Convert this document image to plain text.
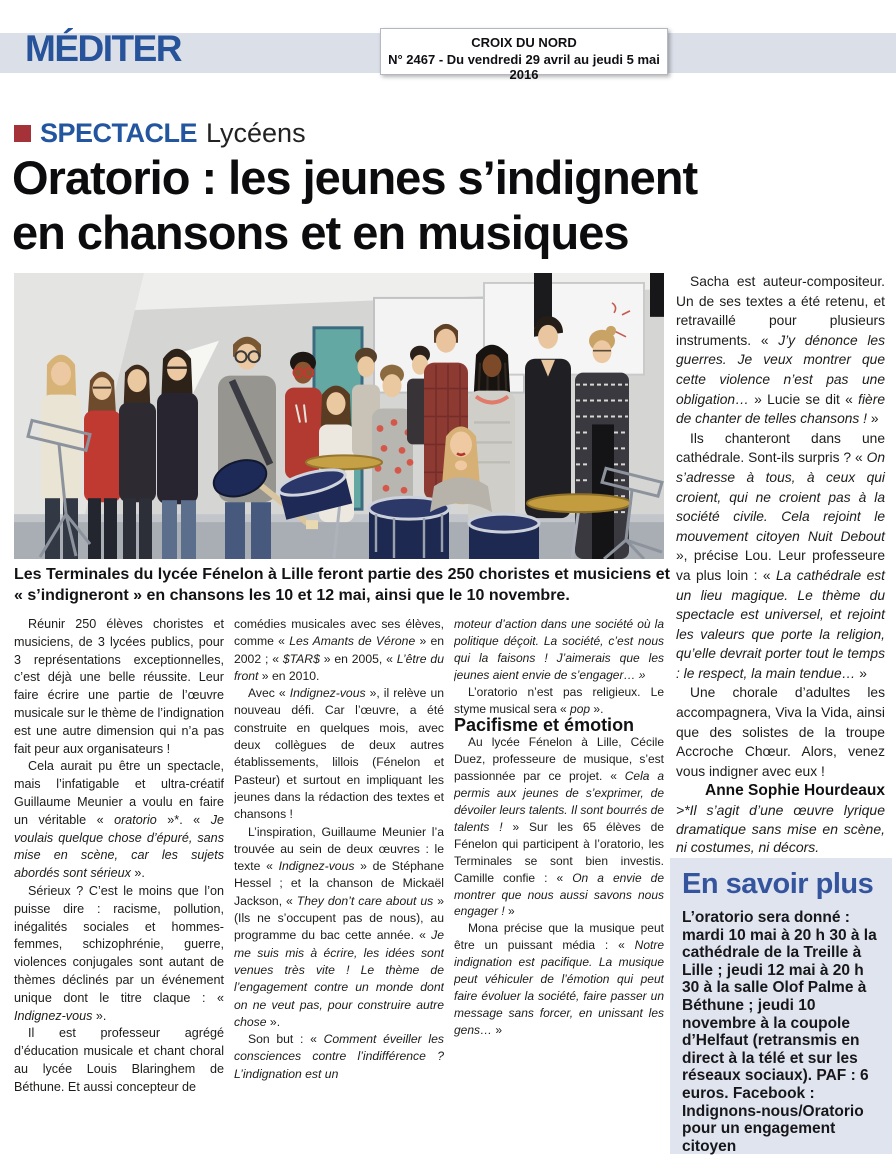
MÉDITER	CROIX DU NORD
N° 2467 - Du vendredi 29 avril au jeudi 5 mai 2016
SPECTACLE Lycéens
Oratorio : les jeunes s’indignent
en chansons et en musiques
Les Terminales du lycée Fénelon à Lille feront partie des 250 choristes et musiciens et « s’indigneront » en chansons les 10 et 12 mai, ainsi que le 10 novembre.

Réunir 250 élèves choristes et musiciens, de 3 lycées publics, pour 3 représentations exceptionnelles, c’est déjà une belle réussite. Leur faire écrire une partie de l’œuvre musicale sur le thème de l’indignation est une autre dimension qui n’a pas fait peur aux organisateurs !

Cela aurait pu être un spectacle, mais l’infatigable et ultra-créatif Guillaume Meunier a voulu en faire un véritable « oratorio »*. « Je voulais quelque chose d’épuré, sans mise en scène, car les sujets abordés sont sérieux ».

Sérieux ? C’est le moins que l’on puisse dire : racisme, pollution, inégalités sociales et hommes-femmes, schizophrénie, guerre, violences conjugales sont autant de thèmes déclinés par un événement unique dont le titre claque : « Indignez-vous ».

Il est professeur agrégé d’éducation musicale et chant choral au lycée Louis Blaringhem de Béthune. Et aussi concepteur de

comédies musicales avec ses élèves, comme « Les Amants de Vérone » en 2002 ; « $TAR$ » en 2005, « L’être du front » en 2010.

Avec « Indignez-vous », il relève un nouveau défi. Car l’œuvre, a été construite en quelques mois, avec deux collègues de deux autres établissements, lillois (Fénelon et Pasteur) et surtout en impliquant les jeunes dans la rédaction des textes et chansons !

L’inspiration, Guillaume Meunier l’a trouvée au sein de deux œuvres : le texte « Indignez-vous » de Stéphane Hessel ; et la chanson de Mickaël Jackson, « They don’t care about us » (Ils ne s’occupent pas de nous), au programme du bac cette année. « Je me suis mis à écrire, les idées sont venues très vite ! Le thème de l’engagement contre un monde dont on ne veut pas, pour construire autre chose ».

Son but : « Comment éveiller les consciences contre l’indifférence ? L’indignation est un

moteur d’action dans une société où la politique déçoit. La société, c’est nous qui la faisons ! J’aimerais que les jeunes aient envie de s’engager… »

L’oratorio n’est pas religieux. Le styme musical sera « pop ».

Pacifisme et émotion

Au lycée Fénelon à Lille, Cécile Duez, professeure de musique, s’est passionnée par ce projet. « Cela a permis aux jeunes de s’exprimer, de dévoiler leurs talents. Il sont bourrés de talents ! » Sur les 65 élèves de Fénelon qui participent à l’oratorio, les Terminales se sont bien investis. Camille confie : « On a envie de montrer que nous aussi savons nous engager ! »

Mona précise que la musique peut être un puissant média : « Notre indignation est pacifique. La musique peut véhiculer de l’émotion qui peut faire évoluer la société, faire passer un message sans forcer, en unissant les gens… »

Sacha est auteur-compositeur. Un de ses textes a été retenu, et retravaillé pour plusieurs instruments. « J’y dénonce les guerres. Je veux montrer que cette violence n’est pas une obligation… » Lucie se dit « fière de chanter de telles chansons ! »

Ils chanteront dans une cathédrale. Sont-ils surpris ? « On s’adresse à tous, à ceux qui croient, qui ne croient pas à la société civile. Cela rejoint le mouvement citoyen Nuit Debout », précise Lou. Leur professeure va plus loin : « La cathédrale est un lieu magique. Le thème du spectacle est universel, et rejoint les valeurs que porte la religion, qu’elle devrait porter tout le temps : le respect, la main tendue… »

Une chorale d’adultes les accompagnera, Viva la Vida, ainsi que des solistes de la troupe Accroche Chœur. Alors, venez vous indigner avec eux !

Anne Sophie Hourdeaux

>*Il s’agit d’une œuvre lyrique dramatique sans mise en scène, ni costumes, ni décors.

En savoir plus
L’oratorio sera donné : mardi 10 mai à 20 h 30 à la cathédrale de la Treille à Lille ; jeudi 12 mai à 20 h 30 à la salle Olof Palme à Béthune ; jeudi 10 novembre à la coupole d’Helfaut (retransmis en direct à la télé et sur les réseaux sociaux). PAF : 6 euros. Facebook : Indignons-nous/Oratorio pour un engagement citoyen
